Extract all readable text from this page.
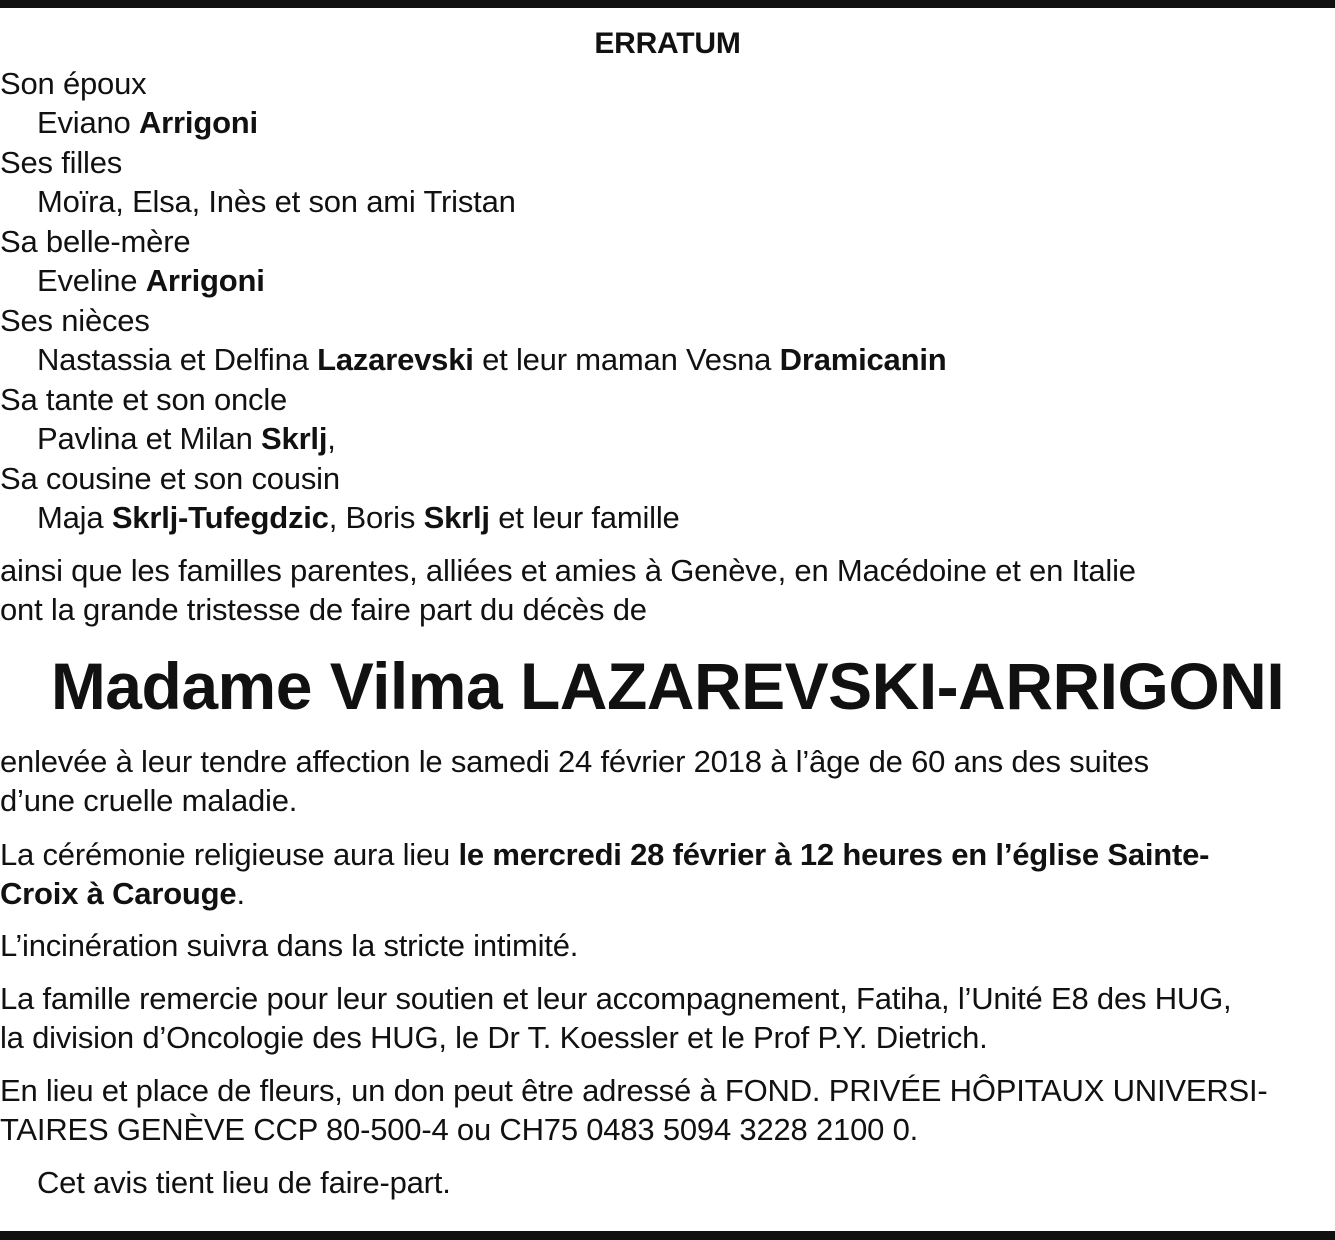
ERRATUM

Son époux

Eviano Arrigoni

Ses filles

Moïra, Elsa, Inès et son ami Tristan

Sa belle-mère

Eveline Arrigoni

Ses nièces

Nastassia et Delfina Lazarevski et leur maman Vesna Dramicanin

Sa tante et son oncle

Pavlina et Milan Skrlj,

Sa cousine et son cousin

Maja Skrlj-Tufegdzic, Boris Skrlj et leur famille

ainsi que les familles parentes, alliées et amies à Genève, en Macédoine et en Italie

ont la grande tristesse de faire part du décès de

Madame Vilma LAZAREVSKI-ARRIGONI

enlevée à leur tendre affection le samedi 24 février 2018 à l’âge de 60 ans des suites

d’une cruelle maladie.

La cérémonie religieuse aura lieu le mercredi 28 février à 12 heures en l’église Sainte-

Croix à Carouge.

L’incinération suivra dans la stricte intimité.

La famille remercie pour leur soutien et leur accompagnement, Fatiha, l’Unité E8 des HUG,

la division d’Oncologie des HUG, le Dr T. Koessler et le Prof P.Y. Dietrich.

En lieu et place de fleurs, un don peut être adressé à FOND. PRIVÉE HÔPITAUX UNIVERSI-

TAIRES GENÈVE CCP 80-500-4 ou CH75 0483 5094 3228 2100 0.

Cet avis tient lieu de faire-part.
